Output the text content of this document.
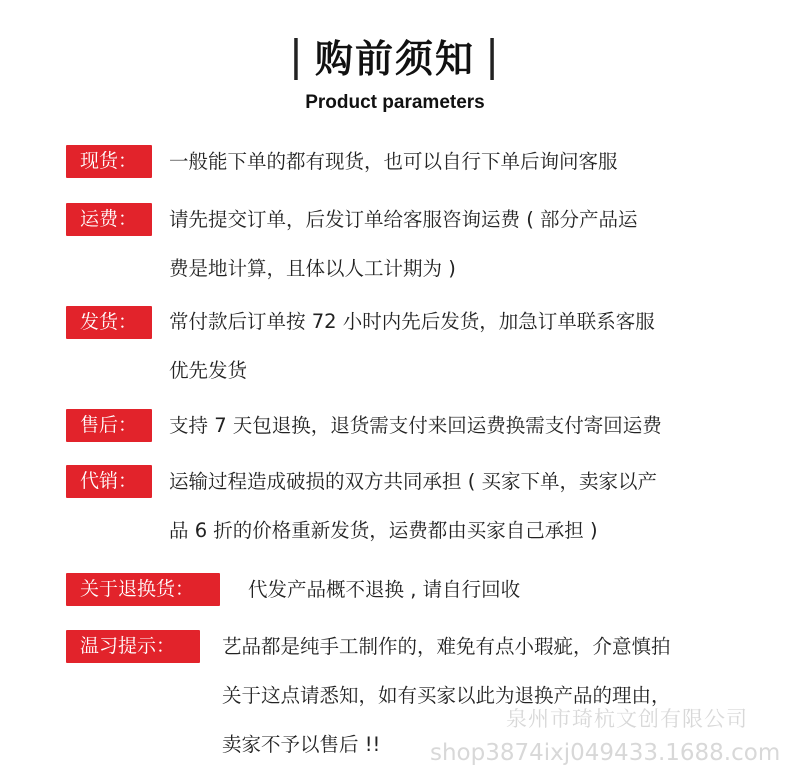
| 购前须知 |
Product parameters
现货：	一般能下单的都有现货，也可以自行下单后询问客服
运费：	请先提交订单，后发订单给客服咨询运费 ( 部分产品运
费是地计算，且体以人工计期为 )
发货：	常付款后订单按 72 小时内先后发货，加急订单联系客服
优先发货
售后：	支持 7 天包退换，退货需支付来回运费换需支付寄回运费
代销：	运输过程造成破损的双方共同承担 ( 买家下单，卖家以产
品 6 折的价格重新发货，运费都由买家自己承担 )
关于退换货：	代发产品概不退换 , 请自行回收
温习提示：	艺品都是纯手工制作的，难免有点小瑕疵，介意慎拍
关于这点请悉知，如有买家以此为退换产品的理由，
卖家不予以售后 !!
泉州市琦杭文创有限公司
shop3874ixj049433.1688.com
